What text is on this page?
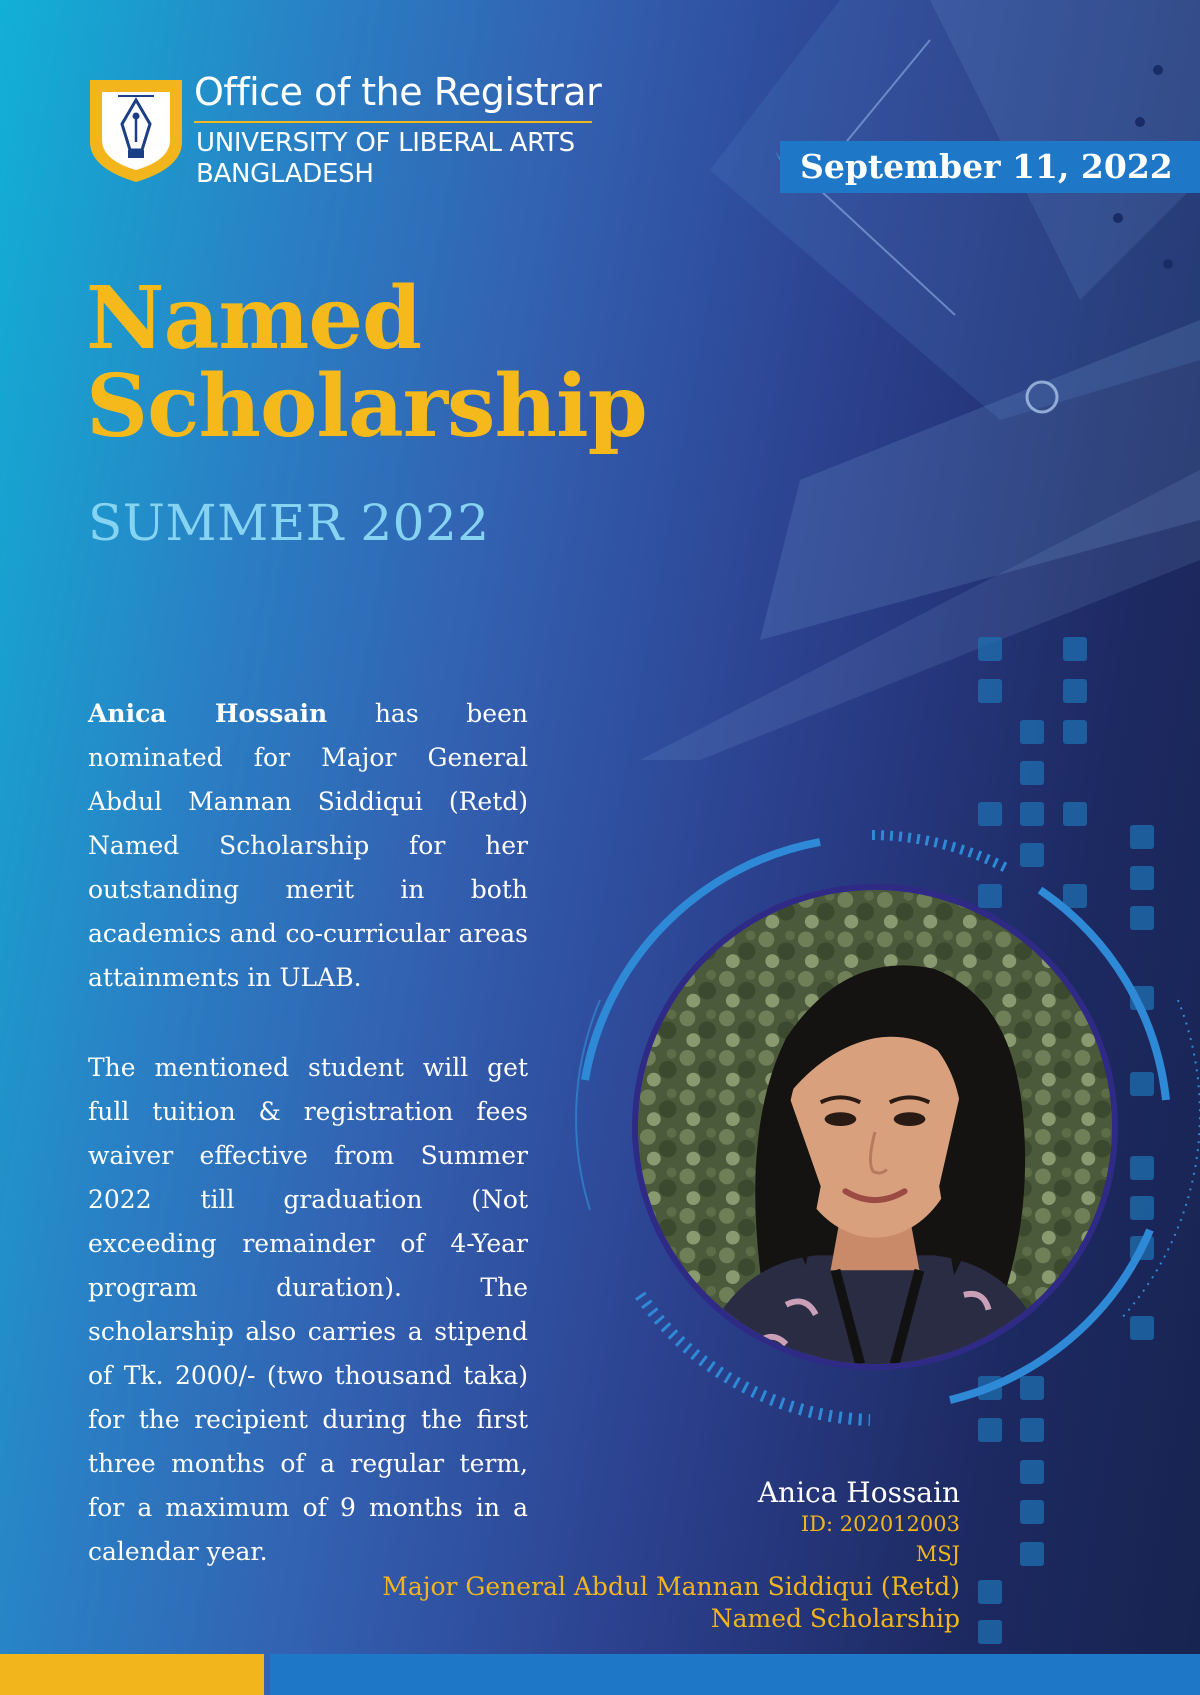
Office of the Registrar
UNIVERSITY OF LIBERAL ARTS
BANGLADESH	September 11, 2022
Named
Scholarship
SUMMER 2022

Anica Hossain has been nominated for Major General Abdul Mannan Siddiqui (Retd) Named Scholarship for her outstanding merit in both academics and co-curricular areas attainments in ULAB.

The mentioned student will get full tuition & registration fees waiver effective from Summer 2022 till graduation (Not exceeding remainder of 4-Year program duration). The scholarship also carries a stipend of Tk. 2000/- (two thousand taka) for the recipient during the first three months of a regular term, for a maximum of 9 months in a calendar year.

Anica Hossain
ID: 202012003
MSJ
Major General Abdul Mannan Siddiqui (Retd)
Named Scholarship
